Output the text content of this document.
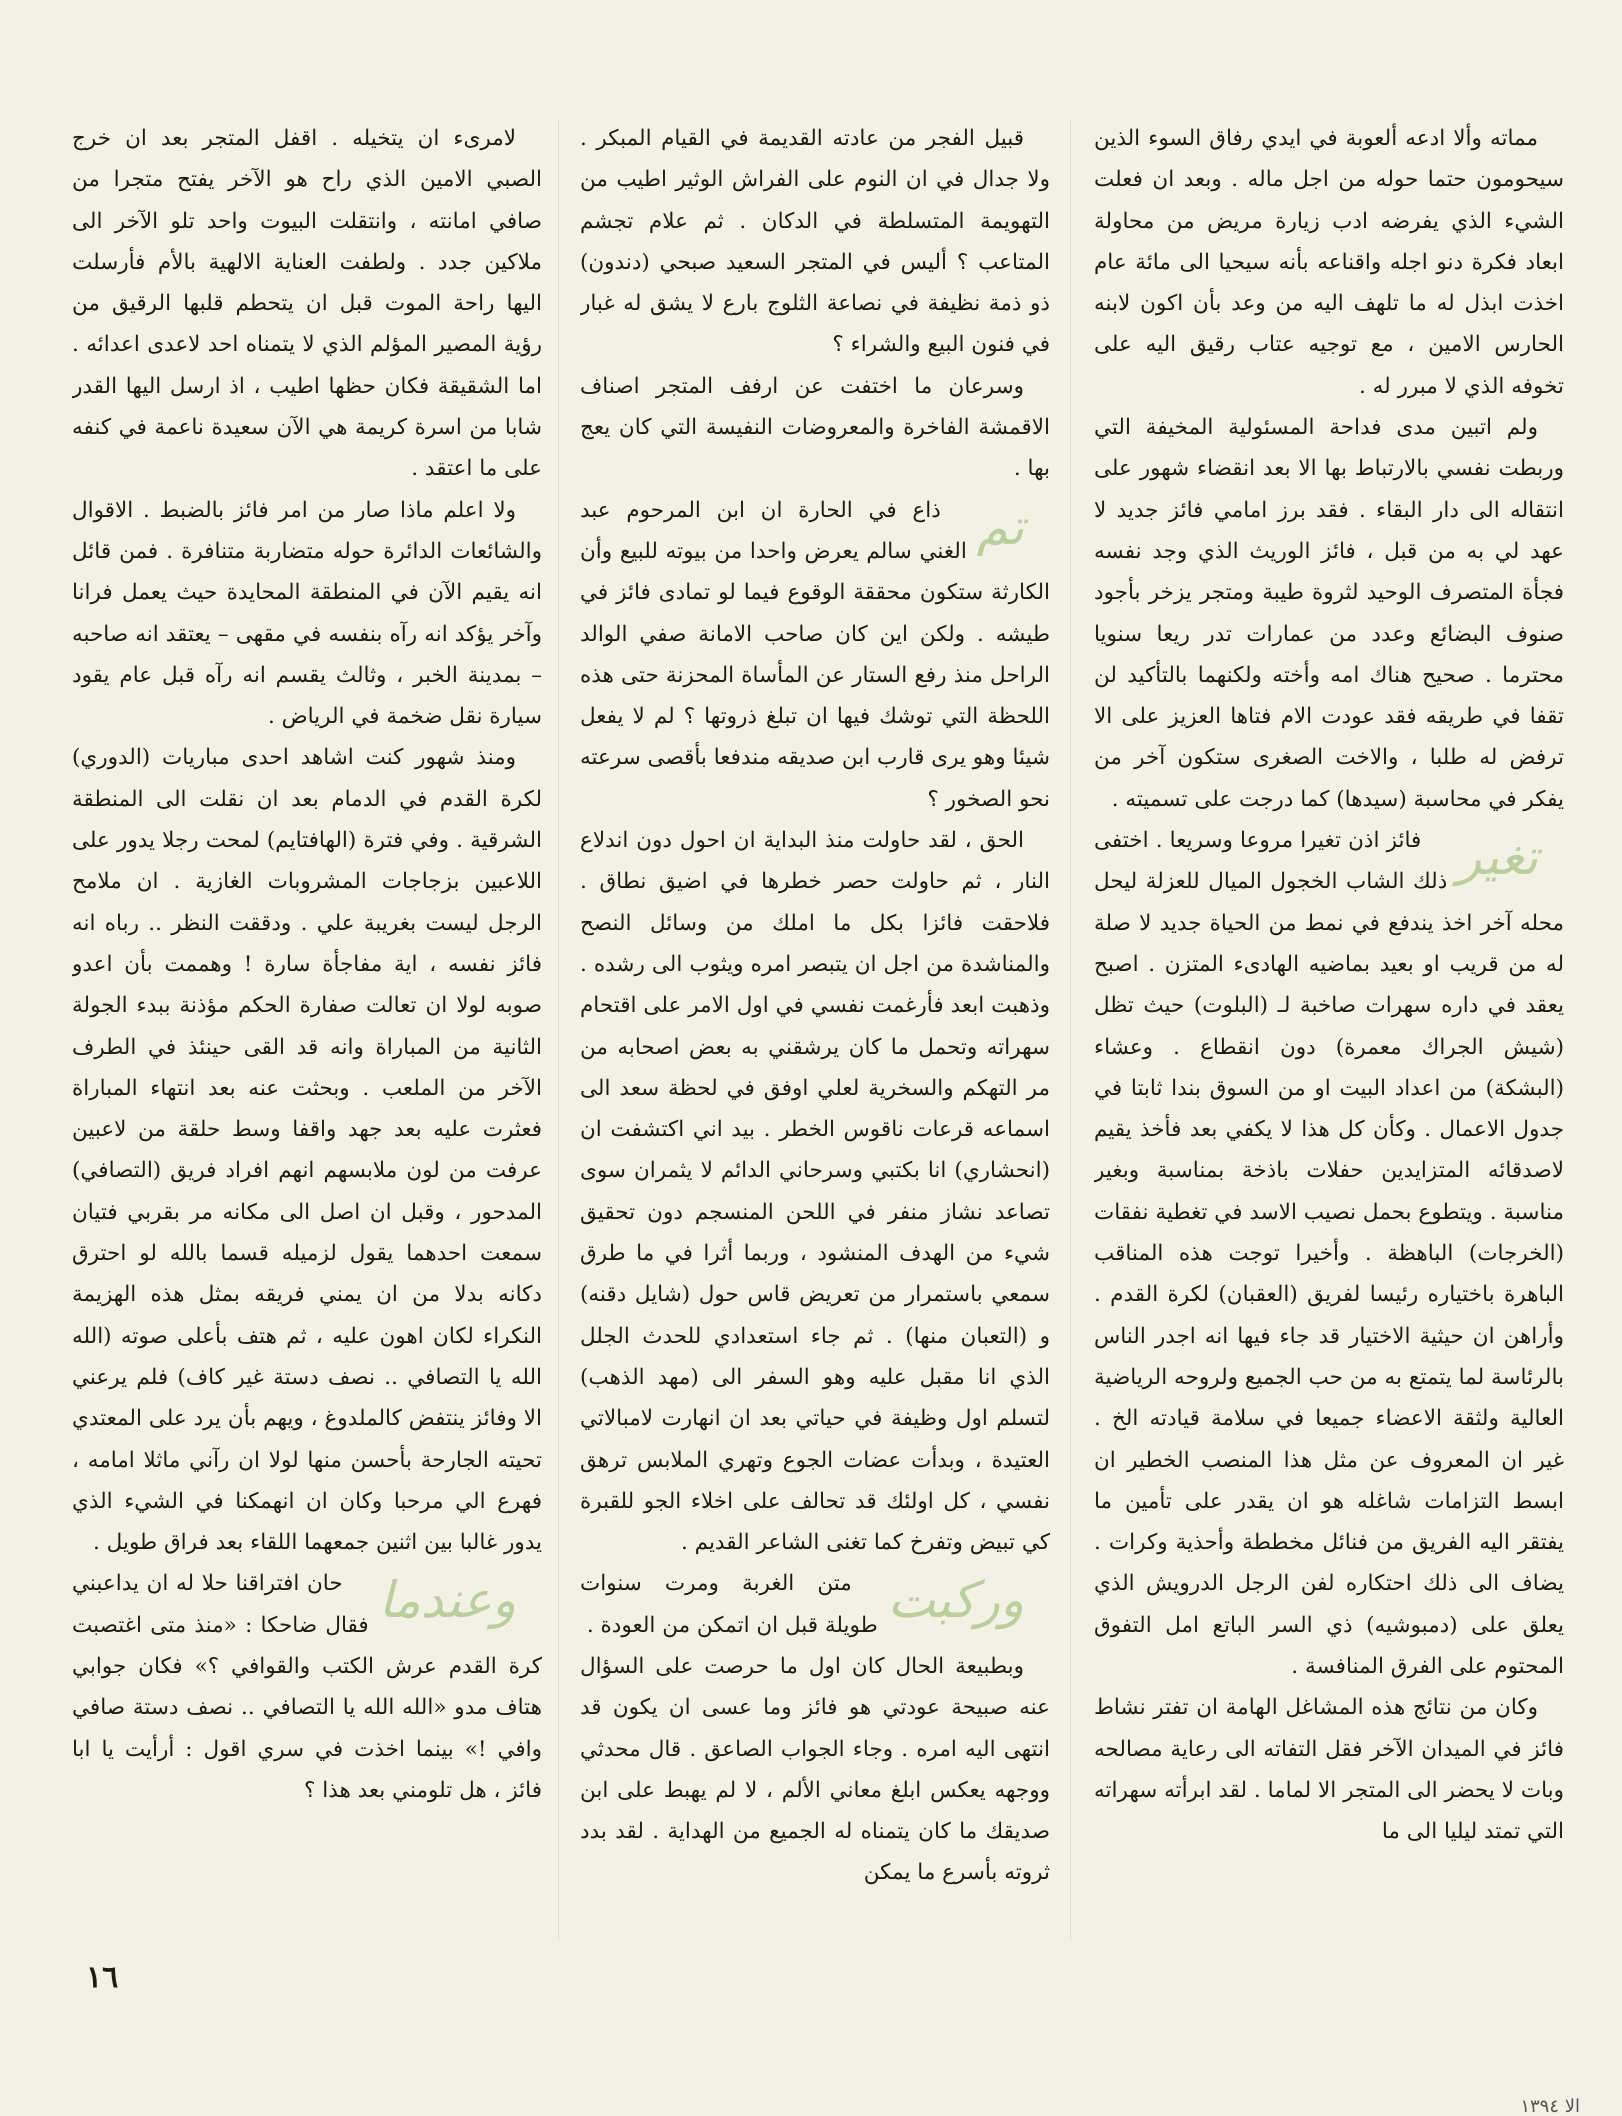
مماته وألا ادعه ألعوبة في ايدي رفاق السوء الذين سيحومون حتما حوله من اجل ماله . وبعد ان فعلت الشيء الذي يفرضه ادب زيارة مريض من محاولة ابعاد فكرة دنو اجله واقناعه بأنه سيحيا الى مائة عام اخذت ابذل له ما تلهف اليه من وعد بأن اكون لابنه الحارس الامين ، مع توجيه عتاب رقيق اليه على تخوفه الذي لا مبرر له .

ولم اتبين مدى فداحة المسئولية المخيفة التي وربطت نفسي بالارتباط بها الا بعد انقضاء شهور على انتقاله الى دار البقاء . فقد برز امامي فائز جديد لا عهد لي به من قبل ، فائز الوريث الذي وجد نفسه فجأة المتصرف الوحيد لثروة طيبة ومتجر يزخر بأجود صنوف البضائع وعدد من عمارات تدر ريعا سنويا محترما . صحيح هناك امه وأخته ولكنهما بالتأكيد لن تقفا في طريقه فقد عودت الام فتاها العزيز على الا ترفض له طلبا ، والاخت الصغرى ستكون آخر من يفكر في محاسبة (سيدها) كما درجت على تسميته .

تغير
فائز اذن تغيرا مروعا وسريعا . اختفى ذلك الشاب الخجول الميال للعزلة ليحل محله آخر اخذ يندفع في نمط من الحياة جديد لا صلة له من قريب او بعيد بماضيه الهادىء المتزن . اصبح يعقد في داره سهرات صاخبة لـ (البلوت) حيث تظل (شيش الجراك معمرة) دون انقطاع . وعشاء (البشكة) من اعداد البيت او من السوق بندا ثابتا في جدول الاعمال . وكأن كل هذا لا يكفي بعد فأخذ يقيم لاصدقائه المتزايدين حفلات باذخة بمناسبة وبغير مناسبة . ويتطوع بحمل نصيب الاسد في تغطية نفقات (الخرجات) الباهظة . وأخيرا توجت هذه المناقب الباهرة باختياره رئيسا لفريق (العقبان) لكرة القدم . وأراهن ان حيثية الاختيار قد جاء فيها انه اجدر الناس بالرئاسة لما يتمتع به من حب الجميع ولروحه الرياضية العالية ولثقة الاعضاء جميعا في سلامة قيادته الخ . غير ان المعروف عن مثل هذا المنصب الخطير ان ابسط التزامات شاغله هو ان يقدر على تأمين ما يفتقر اليه الفريق من فنائل مخططة وأحذية وكرات . يضاف الى ذلك احتكاره لفن الرجل الدرويش الذي يعلق على (دمبوشيه) ذي السر الباتع امل التفوق المحتوم على الفرق المنافسة .

وكان من نتائج هذه المشاغل الهامة ان تفتر نشاط فائز في الميدان الآخر فقل التفاته الى رعاية مصالحه وبات لا يحضر الى المتجر الا لماما . لقد ابرأته سهراته التي تمتد ليليا الى ما

قبيل الفجر من عادته القديمة في القيام المبكر . ولا جدال في ان النوم على الفراش الوثير اطيب من التهويمة المتسلطة في الدكان . ثم علام تجشم المتاعب ؟ أليس في المتجر السعيد صبحي (دندون) ذو ذمة نظيفة في نصاعة الثلوج بارع لا يشق له غبار في فنون البيع والشراء ؟

وسرعان ما اختفت عن ارفف المتجر اصناف الاقمشة الفاخرة والمعروضات النفيسة التي كان يعج بها .

تم
ذاع في الحارة ان ابن المرحوم عبد الغني سالم يعرض واحدا من بيوته للبيع وأن الكارثة ستكون محققة الوقوع فيما لو تمادى فائز في طيشه . ولكن اين كان صاحب الامانة صفي الوالد الراحل منذ رفع الستار عن المأساة المحزنة حتى هذه اللحظة التي توشك فيها ان تبلغ ذروتها ؟ لم لا يفعل شيئا وهو يرى قارب ابن صديقه مندفعا بأقصى سرعته نحو الصخور ؟

الحق ، لقد حاولت منذ البداية ان احول دون اندلاع النار ، ثم حاولت حصر خطرها في اضيق نطاق . فلاحقت فائزا بكل ما املك من وسائل النصح والمناشدة من اجل ان يتبصر امره ويثوب الى رشده . وذهبت ابعد فأرغمت نفسي في اول الامر على اقتحام سهراته وتحمل ما كان يرشقني به بعض اصحابه من مر التهكم والسخرية لعلي اوفق في لحظة سعد الى اسماعه قرعات ناقوس الخطر . بيد اني اكتشفت ان (انحشاري) انا بكتبي وسرحاني الدائم لا يثمران سوى تصاعد نشاز منفر في اللحن المنسجم دون تحقيق شيء من الهدف المنشود ، وربما أثرا في ما طرق سمعي باستمرار من تعريض قاس حول (شايل دقنه) و (التعبان منها) . ثم جاء استعدادي للحدث الجلل الذي انا مقبل عليه وهو السفر الى (مهد الذهب) لتسلم اول وظيفة في حياتي بعد ان انهارت لامبالاتي العتيدة ، وبدأت عضات الجوع وتهري الملابس ترهق نفسي ، كل اولئك قد تحالف على اخلاء الجو للقبرة كي تبيض وتفرخ كما تغنى الشاعر القديم .

وركبت
متن الغربة ومرت سنوات طويلة قبل ان اتمكن من العودة .

وبطبيعة الحال كان اول ما حرصت على السؤال عنه صبيحة عودتي هو فائز وما عسى ان يكون قد انتهى اليه امره . وجاء الجواب الصاعق . قال محدثي ووجهه يعكس ابلغ معاني الألم ، لا لم يهبط على ابن صديقك ما كان يتمناه له الجميع من الهداية . لقد بدد ثروته بأسرع ما يمكن

لامرىء ان يتخيله . اقفل المتجر بعد ان خرج الصبي الامين الذي راح هو الآخر يفتح متجرا من صافي امانته ، وانتقلت البيوت واحد تلو الآخر الى ملاكين جدد . ولطفت العناية الالهية بالأم فأرسلت اليها راحة الموت قبل ان يتحطم قلبها الرقيق من رؤية المصير المؤلم الذي لا يتمناه احد لاعدى اعدائه . اما الشقيقة فكان حظها اطيب ، اذ ارسل اليها القدر شابا من اسرة كريمة هي الآن سعيدة ناعمة في كنفه على ما اعتقد .

ولا اعلم ماذا صار من امر فائز بالضبط . الاقوال والشائعات الدائرة حوله متضاربة متنافرة . فمن قائل انه يقيم الآن في المنطقة المحايدة حيث يعمل فرانا وآخر يؤكد انه رآه بنفسه في مقهى – يعتقد انه صاحبه – بمدينة الخبر ، وثالث يقسم انه رآه قبل عام يقود سيارة نقل ضخمة في الرياض .

ومنذ شهور كنت اشاهد احدى مباريات (الدوري) لكرة القدم في الدمام بعد ان نقلت الى المنطقة الشرقية . وفي فترة (الهافتايم) لمحت رجلا يدور على اللاعبين بزجاجات المشروبات الغازية . ان ملامح الرجل ليست بغريبة علي . ودققت النظر .. رباه انه فائز نفسه ، اية مفاجأة سارة ! وهممت بأن اعدو صوبه لولا ان تعالت صفارة الحكم مؤذنة ببدء الجولة الثانية من المباراة وانه قد القى حينئذ في الطرف الآخر من الملعب . وبحثت عنه بعد انتهاء المباراة فعثرت عليه بعد جهد واقفا وسط حلقة من لاعبين عرفت من لون ملابسهم انهم افراد فريق (التصافي) المدحور ، وقبل ان اصل الى مكانه مر بقربي فتيان سمعت احدهما يقول لزميله قسما بالله لو احترق دكانه بدلا من ان يمني فريقه بمثل هذه الهزيمة النكراء لكان اهون عليه ، ثم هتف بأعلى صوته (الله الله يا التصافي .. نصف دستة غير كاف) فلم يرعني الا وفائز ينتفض كالملدوغ ، ويهم بأن يرد على المعتدي تحيته الجارحة بأحسن منها لولا ان رآني ماثلا امامه ، فهرع الي مرحبا وكان ان انهمكنا في الشيء الذي يدور غالبا بين اثنين جمعهما اللقاء بعد فراق طويل .

وعندما
حان افتراقنا حلا له ان يداعبني فقال ضاحكا : «منذ متى اغتصبت كرة القدم عرش الكتب والقوافي ؟» فكان جوابي هتاف مدو «الله الله يا التصافي .. نصف دستة صافي وافي !» بينما اخذت في سري اقول : أرأيت يا ابا فائز ، هل تلومني بعد هذا ؟

١٦
الا ١٣٩٤
